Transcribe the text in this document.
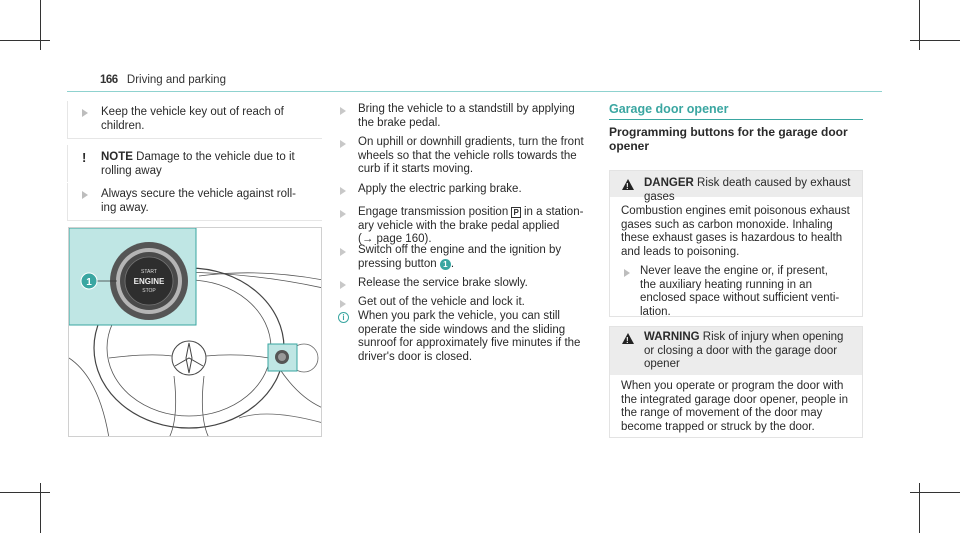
166 Driving and parking
Keep the vehicle key out of reach of
children.
! NOTE Damage to the vehicle due to it
rolling away
Always secure the vehicle against roll-
ing away.
START
ENGINE
STOP
1
Bring the vehicle to a standstill by applying
the brake pedal.
On uphill or downhill gradients, turn the front
wheels so that the vehicle rolls towards the
curb if it starts moving.
Apply the electric parking brake.
Engage transmission position P in a station-
ary vehicle with the brake pedal applied
(→ page 160).
Switch off the engine and the ignition by
pressing button 1 .
Release the service brake slowly.
Get out of the vehicle and lock it.
i	When you park the vehicle, you can still
operate the side windows and the sliding
sunroof for approximately five minutes if the
driver's door is closed.
Garage door opener
Programming buttons for the garage door
opener
!
DANGER Risk death caused by exhaust
gases
Combustion engines emit poisonous exhaust
gases such as carbon monoxide. Inhaling
these exhaust gases is hazardous to health
and leads to poisoning.
Never leave the engine or, if present,
the auxiliary heating running in an
enclosed space without sufficient venti-
lation.
!
WARNING Risk of injury when opening
or closing a door with the garage door
opener
When you operate or program the door with
the integrated garage door opener, people in
the range of movement of the door may
become trapped or struck by the door.
